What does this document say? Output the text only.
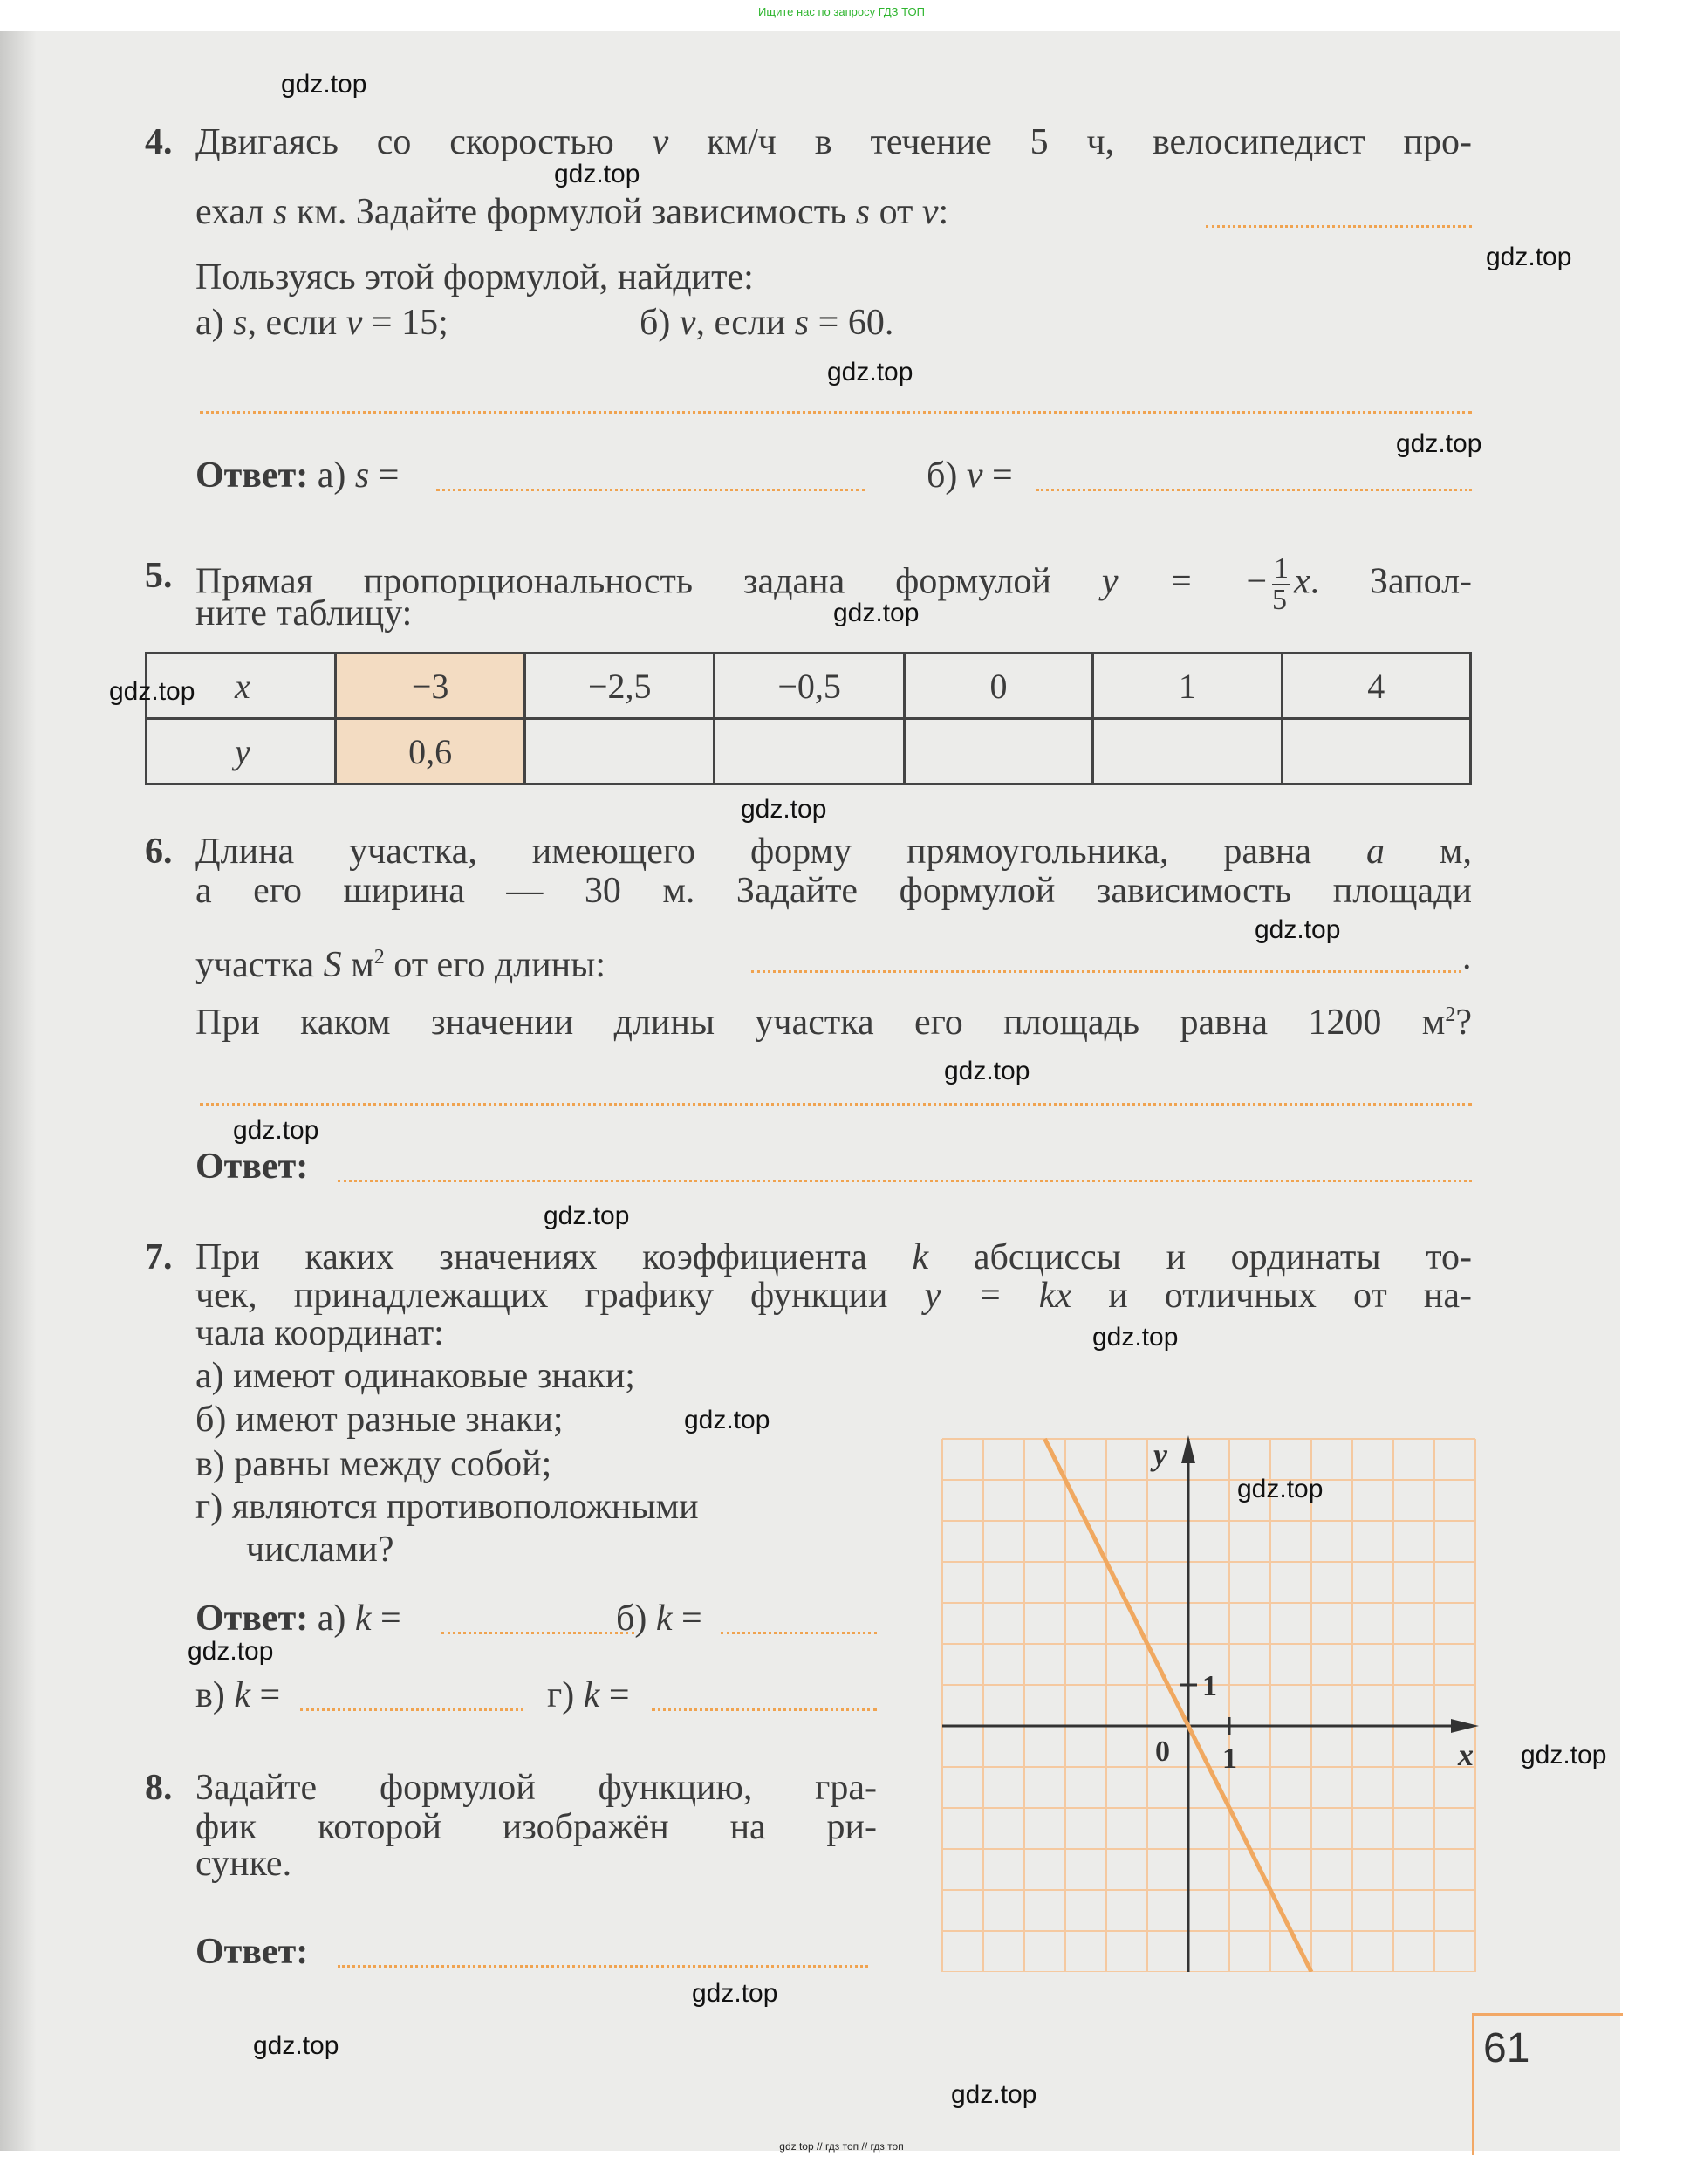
Ищите нас по запросу ГДЗ ТОП
4. Двигаясь со скоростью v км/ч в течение 5 ч, велосипедист про-
ехал s км. Задайте формулой зависимость s от v:
Пользуясь этой формулой, найдите:
а) s, если v = 15;	б) v, если s = 60.
Ответ: а) s =	б) v =
5. Прямая пропорциональность задана формулой y = − $\frac{1}{5} x$. Запол-
ните таблицу:
x	−3	−2,5	−0,5	0	1	4
y	0,6					
6. Длина участка, имеющего форму прямоугольника, равна a м,
а его ширина — 30 м. Задайте формулой зависимость площади
участка S $м^2$ от его длины:	.
При каком значении длины участка его площадь равна 1200 $м^2$?
Ответ:
7. При каких значениях коэффициента k абсциссы и ординаты то-
чек, принадлежащих графику функции y = kx и отличных от на-
чала координат:
а) имеют одинаковые знаки;
б) имеют разные знаки;
в) равны между собой;
г) являются противоположными
числами?
Ответ: а) k =	б) k =
в) k =	г) k =
8. Задайте формулой функцию, гра-
фик которой изображён на ри-
сунке.
Ответ:
y
x
0 1
1
61
gdz.top
gdz.top
gdz.top
gdz.top
gdz.top
gdz.top
gdz.top
gdz.top
gdz.top
gdz.top
gdz.top
gdz.top
gdz.top
gdz.top
gdz.top
gdz.top
gdz.top
gdz.top
gdz.top
gdz.top
gdz top // гдз топ // гдз топ
